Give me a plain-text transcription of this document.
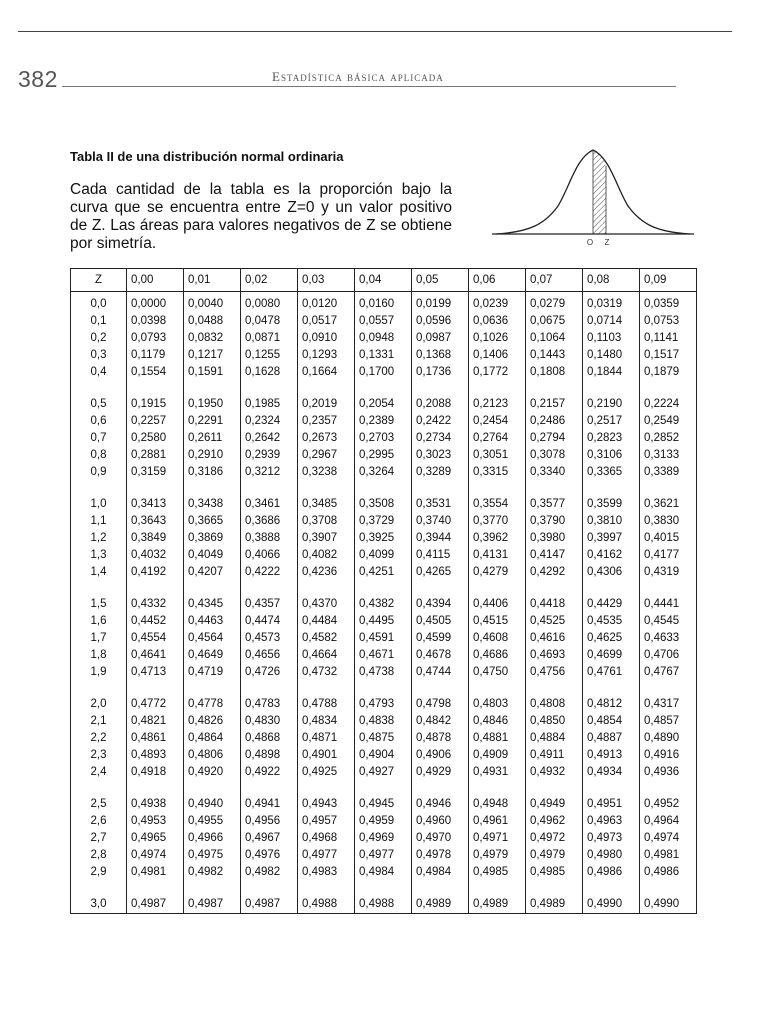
382	Estadística básica aplicada
Tabla II de una distribución normal ordinaria
Cada cantidad de la tabla es la proporción bajo la curva que se encuentra entre Z=0 y un valor positivo de Z. Las áreas para valores negativos de Z se obtiene por simetría.	O Z
Z	0,00	0,01	0,02	0,03	0,04	0,05	0,06	0,07	0,08	0,09
0,0	0,0000	0,0040	0,0080	0,0120	0,0160	0,0199	0,0239	0,0279	0,0319	0,0359
0,1	0,0398	0,0488	0,0478	0,0517	0,0557	0,0596	0,0636	0,0675	0,0714	0,0753
0,2	0,0793	0,0832	0,0871	0,0910	0,0948	0,0987	0,1026	0,1064	0,1103	0,1141
0,3	0,1179	0,1217	0,1255	0,1293	0,1331	0,1368	0,1406	0,1443	0,1480	0,1517
0,4	0,1554	0,1591	0,1628	0,1664	0,1700	0,1736	0,1772	0,1808	0,1844	0,1879
0,5	0,1915	0,1950	0,1985	0,2019	0,2054	0,2088	0,2123	0,2157	0,2190	0,2224
0,6	0,2257	0,2291	0,2324	0,2357	0,2389	0,2422	0,2454	0,2486	0,2517	0,2549
0,7	0,2580	0,2611	0,2642	0,2673	0,2703	0,2734	0,2764	0,2794	0,2823	0,2852
0,8	0,2881	0,2910	0,2939	0,2967	0,2995	0,3023	0,3051	0,3078	0,3106	0,3133
0,9	0,3159	0,3186	0,3212	0,3238	0,3264	0,3289	0,3315	0,3340	0,3365	0,3389
1,0	0,3413	0,3438	0,3461	0,3485	0,3508	0,3531	0,3554	0,3577	0,3599	0,3621
1,1	0,3643	0,3665	0,3686	0,3708	0,3729	0,3740	0,3770	0,3790	0,3810	0,3830
1,2	0,3849	0,3869	0,3888	0,3907	0,3925	0,3944	0,3962	0,3980	0,3997	0,4015
1,3	0,4032	0,4049	0,4066	0,4082	0,4099	0,4115	0,4131	0,4147	0,4162	0,4177
1,4	0,4192	0,4207	0,4222	0,4236	0,4251	0,4265	0,4279	0,4292	0,4306	0,4319
1,5	0,4332	0,4345	0,4357	0,4370	0,4382	0,4394	0,4406	0,4418	0,4429	0,4441
1,6	0,4452	0,4463	0,4474	0,4484	0,4495	0,4505	0,4515	0,4525	0,4535	0,4545
1,7	0,4554	0,4564	0,4573	0,4582	0,4591	0,4599	0,4608	0,4616	0,4625	0,4633
1,8	0,4641	0,4649	0,4656	0,4664	0,4671	0,4678	0,4686	0,4693	0,4699	0,4706
1,9	0,4713	0,4719	0,4726	0,4732	0,4738	0,4744	0,4750	0,4756	0,4761	0,4767
2,0	0,4772	0,4778	0,4783	0,4788	0,4793	0,4798	0,4803	0,4808	0,4812	0,4317
2,1	0,4821	0,4826	0,4830	0,4834	0,4838	0,4842	0,4846	0,4850	0,4854	0,4857
2,2	0,4861	0,4864	0,4868	0,4871	0,4875	0,4878	0,4881	0,4884	0,4887	0,4890
2,3	0,4893	0,4806	0,4898	0,4901	0,4904	0,4906	0,4909	0,4911	0,4913	0,4916
2,4	0,4918	0,4920	0,4922	0,4925	0,4927	0,4929	0,4931	0,4932	0,4934	0,4936
2,5	0,4938	0,4940	0,4941	0,4943	0,4945	0,4946	0,4948	0,4949	0,4951	0,4952
2,6	0,4953	0,4955	0,4956	0,4957	0,4959	0,4960	0,4961	0,4962	0,4963	0,4964
2,7	0,4965	0,4966	0,4967	0,4968	0,4969	0,4970	0,4971	0,4972	0,4973	0,4974
2,8	0,4974	0,4975	0,4976	0,4977	0,4977	0,4978	0,4979	0,4979	0,4980	0,4981
2,9	0,4981	0,4982	0,4982	0,4983	0,4984	0,4984	0,4985	0,4985	0,4986	0,4986
3,0	0,4987	0,4987	0,4987	0,4988	0,4988	0,4989	0,4989	0,4989	0,4990	0,4990
